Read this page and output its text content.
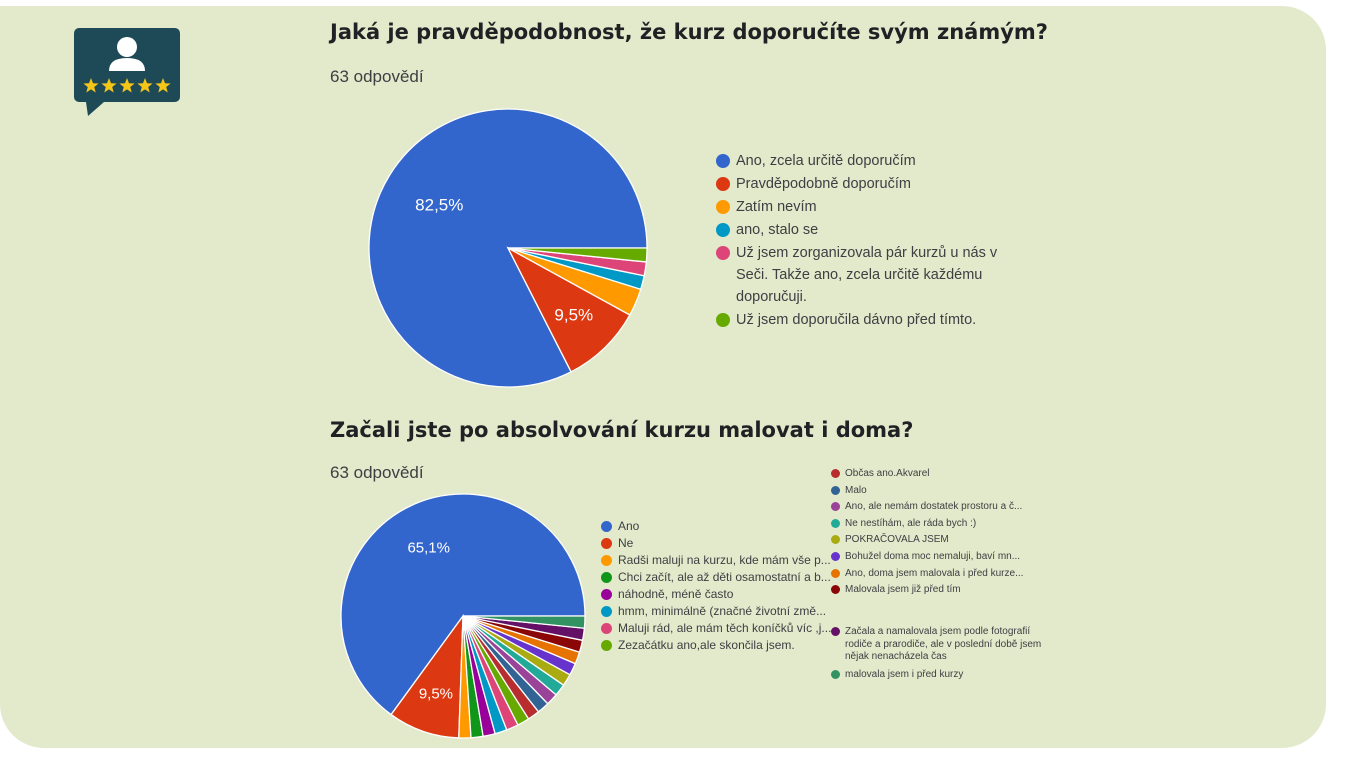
Jaká je pravděpodobnost, že kurz doporučíte svým známým?
63 odpovědí
82,5%
9,5%
Ano, zcela určitě doporučím
Pravděpodobně doporučím
Zatím nevím
ano, stalo se
Už jsem zorganizovala pár kurzů u nás v Seči. Takže ano, zcela určitě každému doporučuji.
Už jsem doporučila dávno před tímto.
Začali jste po absolvování kurzu malovat i doma?
63 odpovědí
65,1%
9,5%
Ano
Ne
Radši maluji na kurzu, kde mám vše p...
Chci začít, ale až děti osamostatní a b...
náhodně, méně často
hmm, minimálně (značné životní změ...
Maluji rád, ale mám těch koníčků víc ,j...
Zezačátku ano,ale skončila jsem.
Občas ano.Akvarel
Malo
Ano, ale nemám dostatek prostoru a č...
Ne nestíhám, ale ráda bych :)
POKRAČOVALA JSEM
Bohužel doma moc nemaluji, baví mn...
Ano, doma jsem malovala i před kurze...
Malovala jsem již před tím
Začala a namalovala jsem podle fotografií rodiče a prarodiče, ale v poslední době jsem nějak nenacházela čas
malovala jsem i před kurzy
